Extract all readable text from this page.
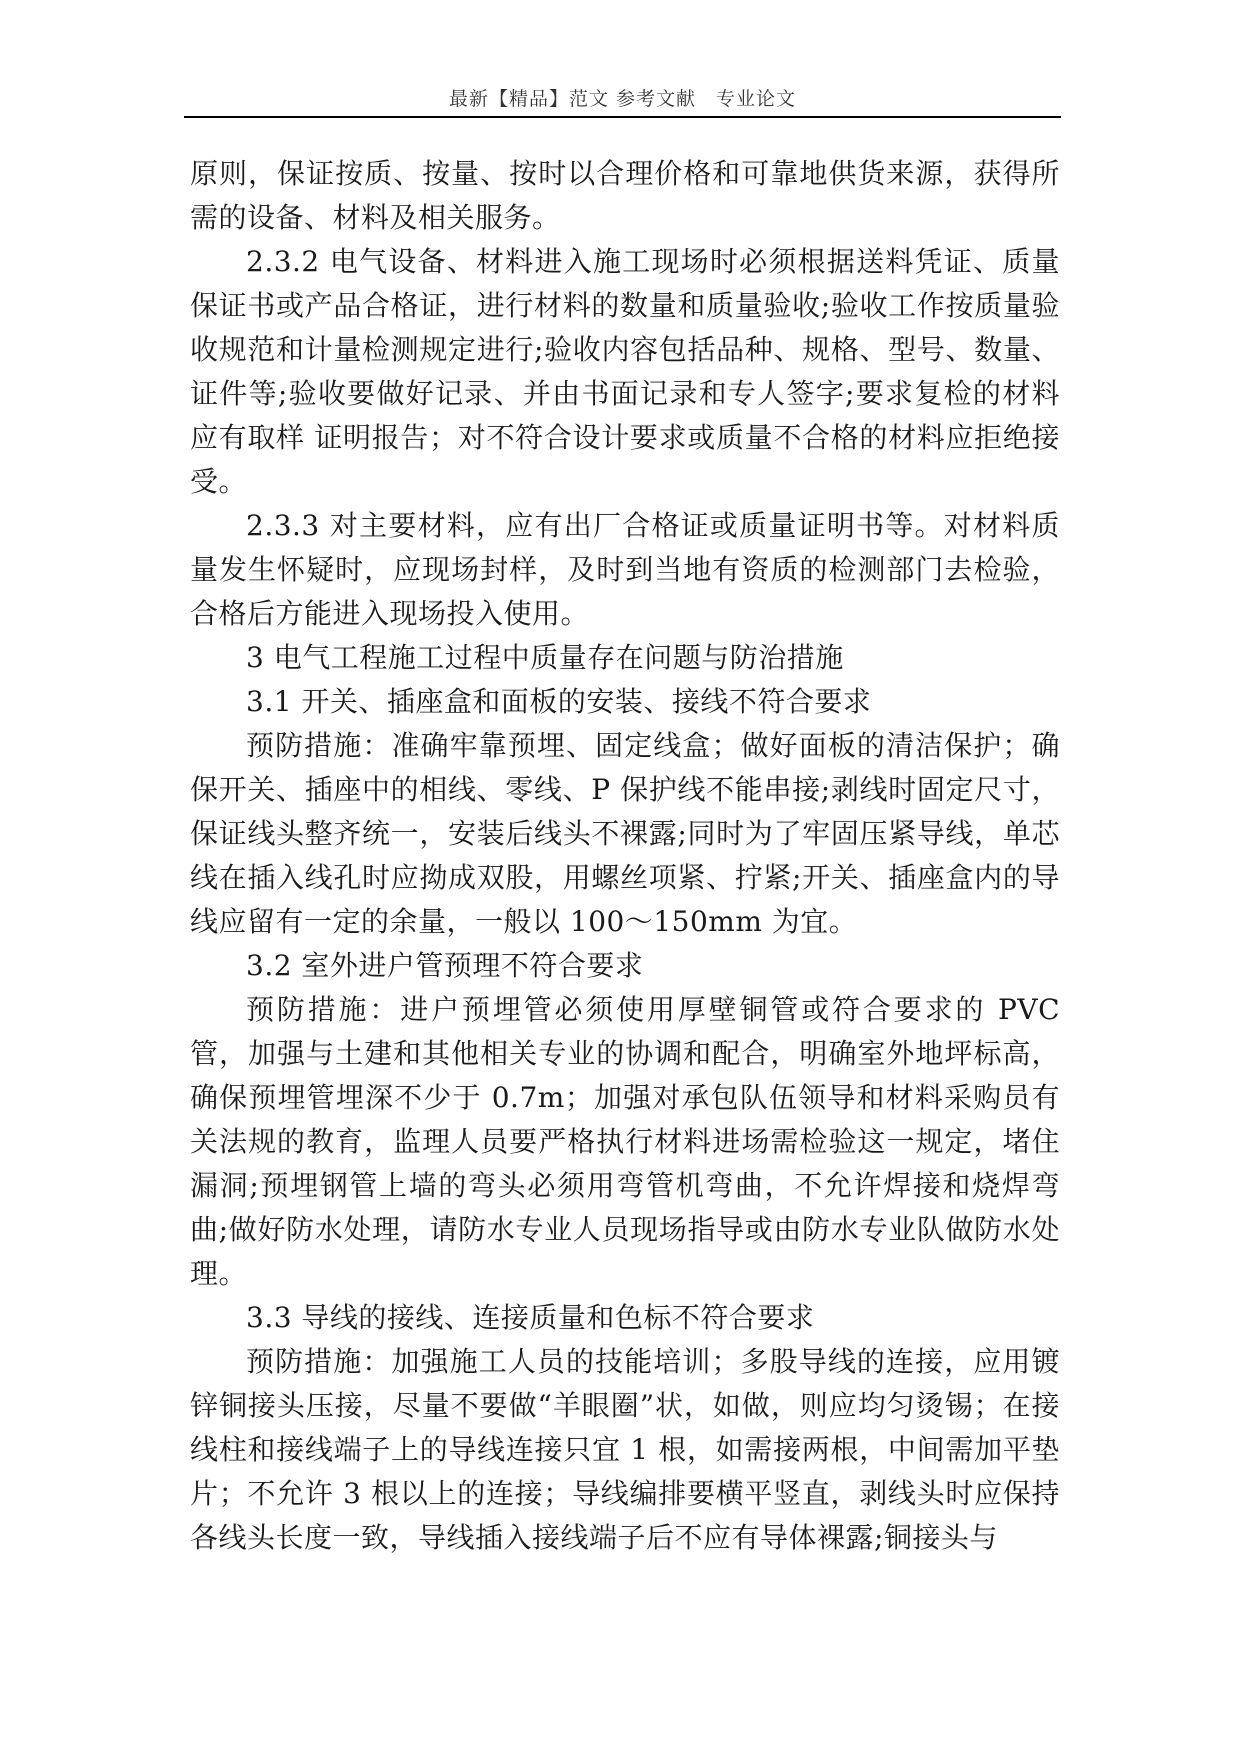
最新【精品】范文 参考文献　专业论文

原则，保证按质、按量、按时以合理价格和可靠地供货来源，获得所需的设备、材料及相关服务。

2.3.2 电气设备、材料进入施工现场时必须根据送料凭证、质量保证书或产品合格证，进行材料的数量和质量验收;验收工作按质量验收规范和计量检测规定进行;验收内容包括品种、规格、型号、数量、证件等;验收要做好记录、并由书面记录和专人签字;要求复检的材料应有取样 证明报告；对不符合设计要求或质量不合格的材料应拒绝接受。

2.3.3 对主要材料，应有出厂合格证或质量证明书等。对材料质量发生怀疑时，应现场封样，及时到当地有资质的检测部门去检验，合格后方能进入现场投入使用。

3 电气工程施工过程中质量存在问题与防治措施

3.1 开关、插座盒和面板的安装、接线不符合要求

预防措施：准确牢靠预埋、固定线盒；做好面板的清洁保护；确保开关、插座中的相线、零线、P 保护线不能串接;剥线时固定尺寸，保证线头整齐统一，安装后线头不裸露;同时为了牢固压紧导线，单芯线在插入线孔时应拗成双股，用螺丝项紧、拧紧;开关、插座盒内的导线应留有一定的余量，一般以 100～150mm 为宜。

3.2 室外进户管预理不符合要求

预防措施：进户预埋管必须使用厚壁铜管或符合要求的 PVC 管，加强与土建和其他相关专业的协调和配合，明确室外地坪标高，确保预埋管埋深不少于 0.7m；加强对承包队伍领导和材料采购员有关法规的教育，监理人员要严格执行材料进场需检验这一规定，堵住漏洞;预埋钢管上墙的弯头必须用弯管机弯曲，不允许焊接和烧焊弯曲;做好防水处理，请防水专业人员现场指导或由防水专业队做防水处理。

3.3 导线的接线、连接质量和色标不符合要求

预防措施：加强施工人员的技能培训；多股导线的连接，应用镀锌铜接头压接，尽量不要做“羊眼圈”状，如做，则应均匀烫锡；在接线柱和接线端子上的导线连接只宜 1 根，如需接两根，中间需加平垫片；不允许 3 根以上的连接；导线编排要横平竖直，剥线头时应保持各线头长度一致，导线插入接线端子后不应有导体裸露;铜接头与
